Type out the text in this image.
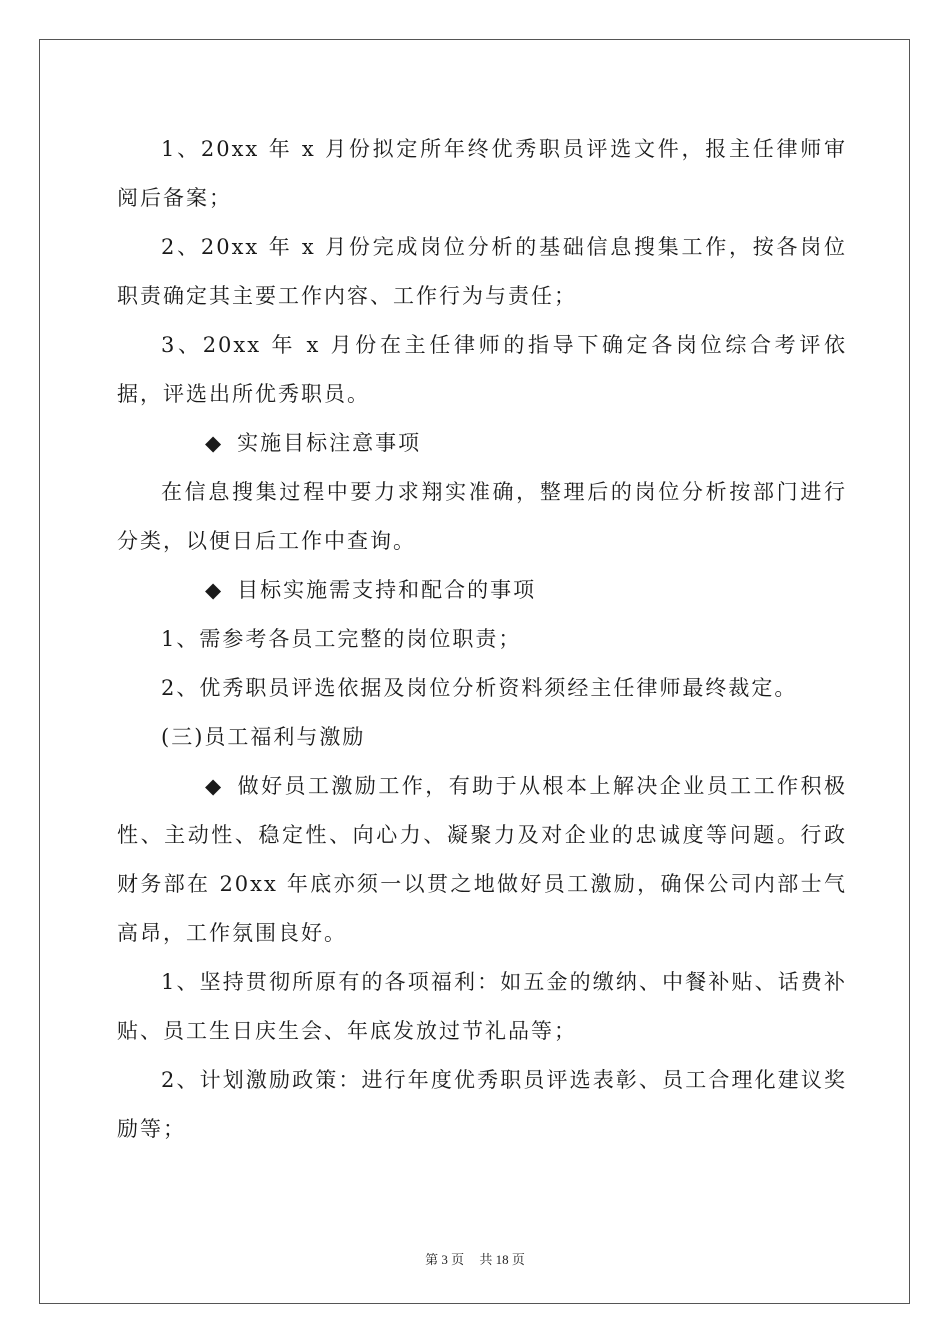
1、20xx 年 x 月份拟定所年终优秀职员评选文件，报主任律师审阅后备案；

2、20xx 年 x 月份完成岗位分析的基础信息搜集工作，按各岗位职责确定其主要工作内容、工作行为与责任；

3、20xx 年 x 月份在主任律师的指导下确定各岗位综合考评依据，评选出所优秀职员。

◆ 实施目标注意事项

在信息搜集过程中要力求翔实准确，整理后的岗位分析按部门进行分类，以便日后工作中查询。

◆ 目标实施需支持和配合的事项

1、需参考各员工完整的岗位职责；

2、优秀职员评选依据及岗位分析资料须经主任律师最终裁定。

(三)员工福利与激励

◆ 做好员工激励工作，有助于从根本上解决企业员工工作积极性、主动性、稳定性、向心力、凝聚力及对企业的忠诚度等问题。行政财务部在 20xx 年底亦须一以贯之地做好员工激励，确保公司内部士气高昂，工作氛围良好。

1、坚持贯彻所原有的各项福利：如五金的缴纳、中餐补贴、话费补贴、员工生日庆生会、年底发放过节礼品等；

2、计划激励政策：进行年度优秀职员评选表彰、员工合理化建议奖励等；

第 3 页 共 18 页
